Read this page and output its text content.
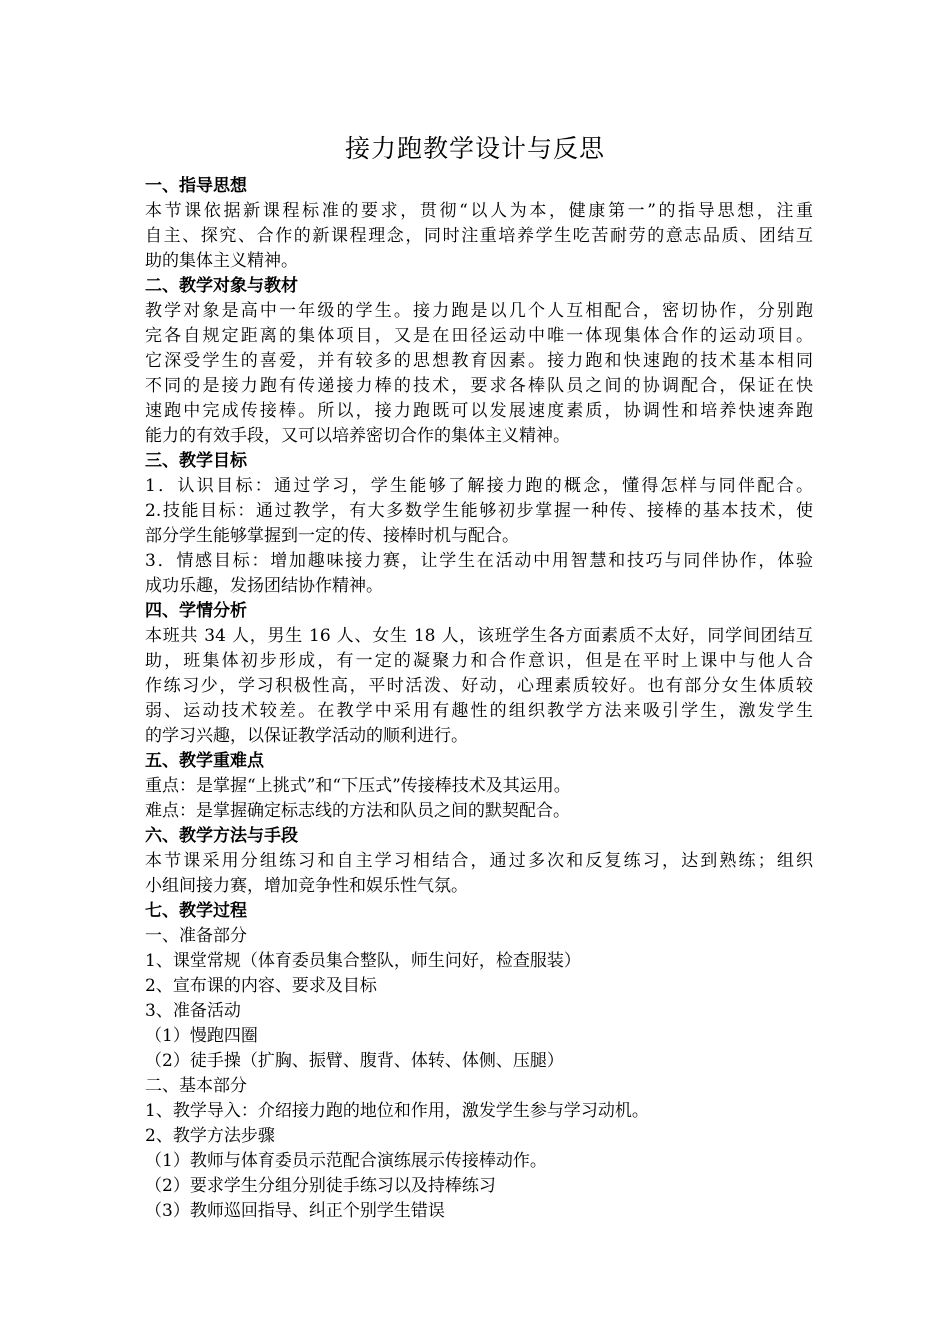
接力跑教学设计与反思
一、指导思想
本节课依据新课程标准的要求，贯彻“以人为本，健康第一”的指导思想，注重
自主、探究、合作的新课程理念，同时注重培养学生吃苦耐劳的意志品质、团结互
助的集体主义精神。
二、教学对象与教材
教学对象是高中一年级的学生。接力跑是以几个人互相配合，密切协作，分别跑
完各自规定距离的集体项目，又是在田径运动中唯一体现集体合作的运动项目。
它深受学生的喜爱，并有较多的思想教育因素。接力跑和快速跑的技术基本相同
不同的是接力跑有传递接力棒的技术，要求各棒队员之间的协调配合，保证在快
速跑中完成传接棒。所以，接力跑既可以发展速度素质，协调性和培养快速奔跑
能力的有效手段，又可以培养密切合作的集体主义精神。
三、教学目标
1．认识目标：通过学习，学生能够了解接力跑的概念，懂得怎样与同伴配合。
2.技能目标：通过教学，有大多数学生能够初步掌握一种传、接棒的基本技术，使
部分学生能够掌握到一定的传、接棒时机与配合。
3．情感目标：增加趣味接力赛，让学生在活动中用智慧和技巧与同伴协作，体验
成功乐趣，发扬团结协作精神。
四、学情分析
本班共 34 人，男生 16 人、女生 18 人，该班学生各方面素质不太好，同学间团结互
助，班集体初步形成，有一定的凝聚力和合作意识，但是在平时上课中与他人合
作练习少，学习积极性高，平时活泼、好动，心理素质较好。也有部分女生体质较
弱、运动技术较差。在教学中采用有趣性的组织教学方法来吸引学生，激发学生
的学习兴趣，以保证教学活动的顺利进行。
五、教学重难点
重点：是掌握“上挑式”和“下压式”传接棒技术及其运用。
难点：是掌握确定标志线的方法和队员之间的默契配合。
六、教学方法与手段
本节课采用分组练习和自主学习相结合，通过多次和反复练习，达到熟练；组织
小组间接力赛，增加竞争性和娱乐性气氛。
七、教学过程
一、准备部分
1、课堂常规（体育委员集合整队，师生问好，检查服装）
2、宣布课的内容、要求及目标
3、准备活动
（1）慢跑四圈
（2）徒手操（扩胸、振臂、腹背、体转、体侧、压腿）
二、基本部分
1、教学导入：介绍接力跑的地位和作用，激发学生参与学习动机。
2、教学方法步骤
（1）教师与体育委员示范配合演练展示传接棒动作。
（2）要求学生分组分别徒手练习以及持棒练习
（3）教师巡回指导、纠正个别学生错误
